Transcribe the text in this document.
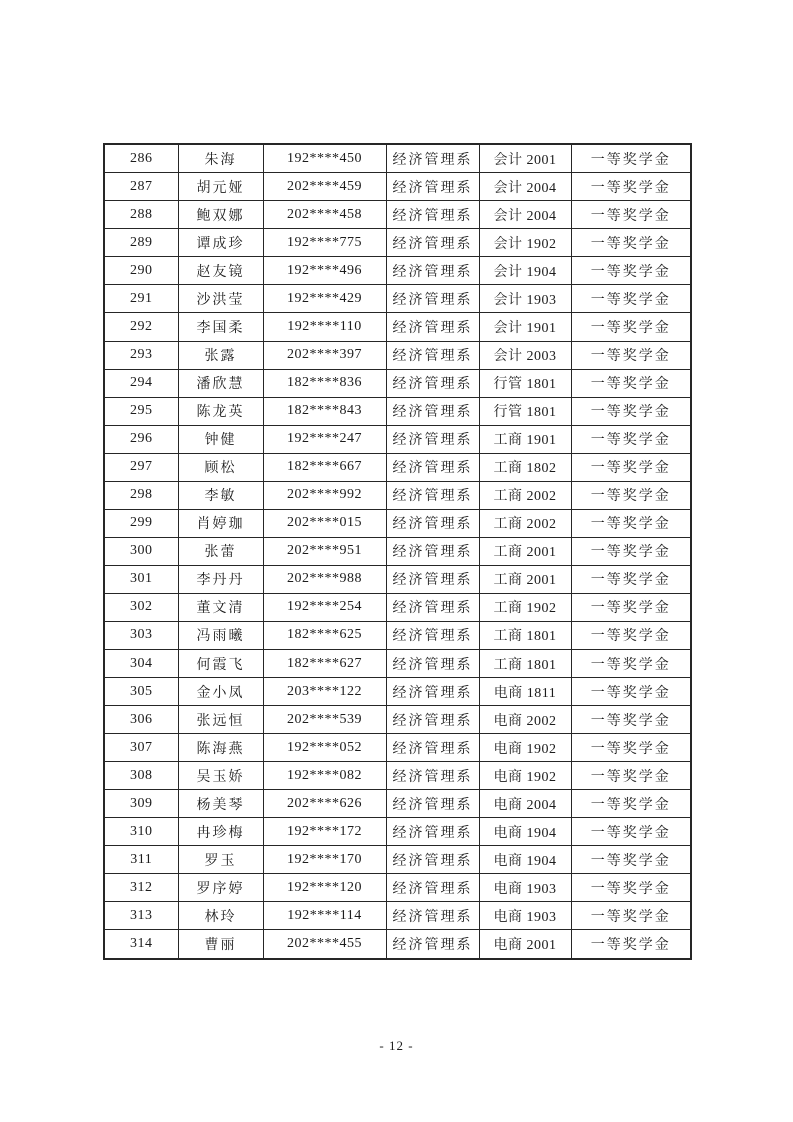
286	朱海	192****450	经济管理系	会计 2001	一等奖学金
287	胡元娅	202****459	经济管理系	会计 2004	一等奖学金
288	鲍双娜	202****458	经济管理系	会计 2004	一等奖学金
289	谭成珍	192****775	经济管理系	会计 1902	一等奖学金
290	赵友镜	192****496	经济管理系	会计 1904	一等奖学金
291	沙洪莹	192****429	经济管理系	会计 1903	一等奖学金
292	李国柔	192****110	经济管理系	会计 1901	一等奖学金
293	张露	202****397	经济管理系	会计 2003	一等奖学金
294	潘欣慧	182****836	经济管理系	行管 1801	一等奖学金
295	陈龙英	182****843	经济管理系	行管 1801	一等奖学金
296	钟健	192****247	经济管理系	工商 1901	一等奖学金
297	顾松	182****667	经济管理系	工商 1802	一等奖学金
298	李敏	202****992	经济管理系	工商 2002	一等奖学金
299	肖婷珈	202****015	经济管理系	工商 2002	一等奖学金
300	张蕾	202****951	经济管理系	工商 2001	一等奖学金
301	李丹丹	202****988	经济管理系	工商 2001	一等奖学金
302	董文清	192****254	经济管理系	工商 1902	一等奖学金
303	冯雨曦	182****625	经济管理系	工商 1801	一等奖学金
304	何霞飞	182****627	经济管理系	工商 1801	一等奖学金
305	金小凤	203****122	经济管理系	电商 1811	一等奖学金
306	张远恒	202****539	经济管理系	电商 2002	一等奖学金
307	陈海燕	192****052	经济管理系	电商 1902	一等奖学金
308	吴玉娇	192****082	经济管理系	电商 1902	一等奖学金
309	杨美琴	202****626	经济管理系	电商 2004	一等奖学金
310	冉珍梅	192****172	经济管理系	电商 1904	一等奖学金
311	罗玉	192****170	经济管理系	电商 1904	一等奖学金
312	罗序婷	192****120	经济管理系	电商 1903	一等奖学金
313	林玲	192****114	经济管理系	电商 1903	一等奖学金
314	曹丽	202****455	经济管理系	电商 2001	一等奖学金
- 12 -
